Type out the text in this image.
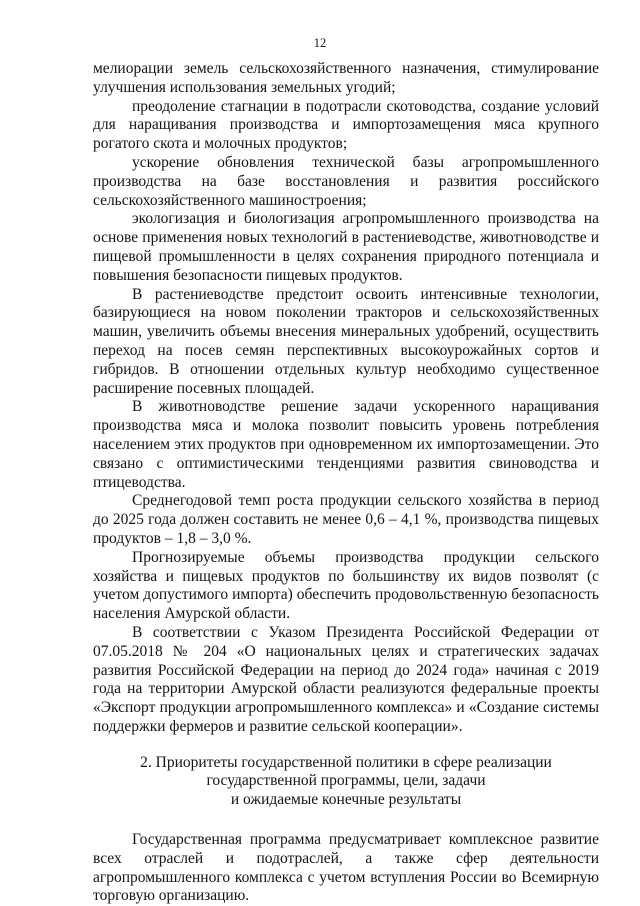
12

мелиорации земель сельскохозяйственного назначения, стимулирование улучшения использования земельных угодий;

преодоление стагнации в подотрасли скотоводства, создание условий для наращивания производства и импортозамещения мяса крупного рогатого скота и молочных продуктов;

ускорение обновления технической базы агропромышленного производства на базе восстановления и развития российского сельскохозяйственного машиностроения;

экологизация и биологизация агропромышленного производства на основе применения новых технологий в растениеводстве, животноводстве и пищевой промышленности в целях сохранения природного потенциала и повышения безопасности пищевых продуктов.

В растениеводстве предстоит освоить интенсивные технологии, базирующиеся на новом поколении тракторов и сельскохозяйственных машин, увеличить объемы внесения минеральных удобрений, осуществить переход на посев семян перспективных высокоурожайных сортов и гибридов. В отношении отдельных культур необходимо существенное расширение посевных площадей.

В животноводстве решение задачи ускоренного наращивания производства мяса и молока позволит повысить уровень потребления населением этих продуктов при одновременном их импортозамещении. Это связано с оптимистическими тенденциями развития свиноводства и птицеводства.

Среднегодовой темп роста продукции сельского хозяйства в период до 2025 года должен составить не менее 0,6 – 4,1 %, производства пищевых продуктов – 1,8 – 3,0 %.

Прогнозируемые объемы производства продукции сельского хозяйства и пищевых продуктов по большинству их видов позволят (с учетом допустимого импорта) обеспечить продовольственную безопасность населения Амурской области.

В соответствии с Указом Президента Российской Федерации от 07.05.2018 № 204 «О национальных целях и стратегических задачах развития Российской Федерации на период до 2024 года» начиная с 2019 года на территории Амурской области реализуются федеральные проекты «Экспорт продукции агропромышленного комплекса» и «Создание системы поддержки фермеров и развитие сельской кооперации».

2. Приоритеты государственной политики в сфере реализации
государственной программы, цели, задачи
и ожидаемые конечные результаты

Государственная программа предусматривает комплексное развитие всех отраслей и подотраслей, а также сфер деятельности агропромышленного комплекса с учетом вступления России во Всемирную торговую организацию.
